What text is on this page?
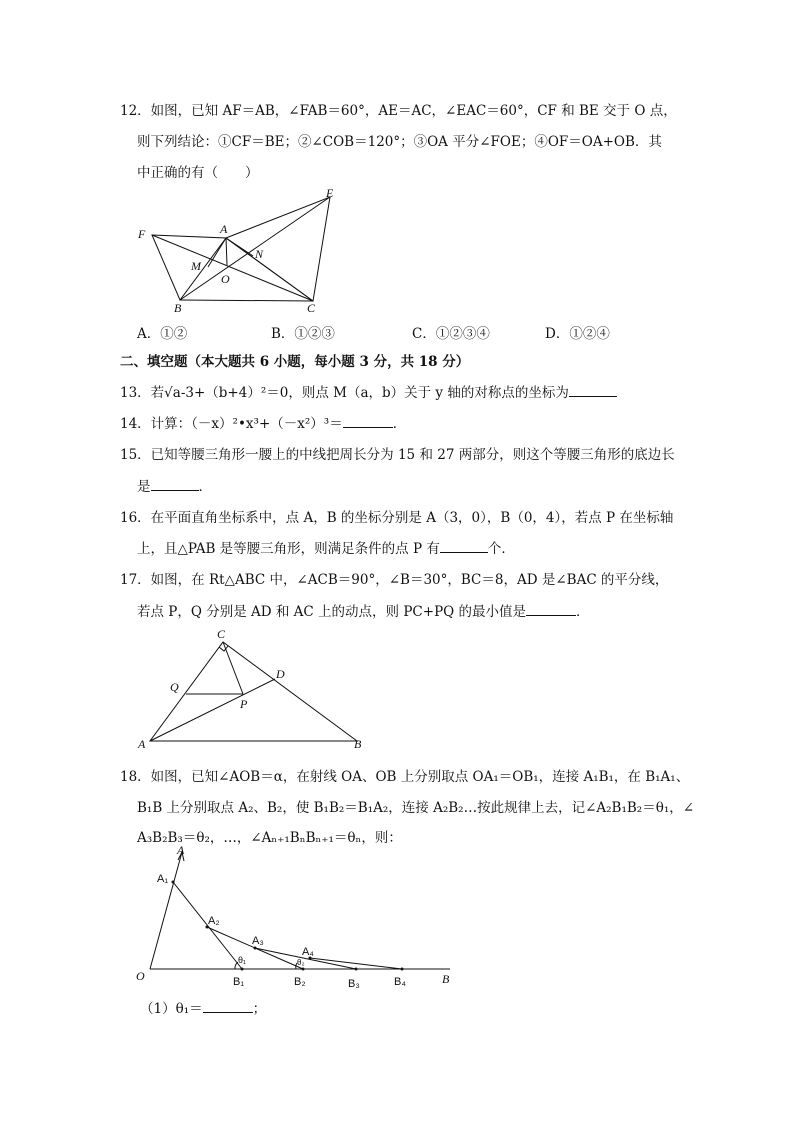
12．如图，已知 AF＝AB，∠FAB＝60°，AE＝AC，∠EAC＝60°，CF 和 BE 交于 O 点，
则下列结论：①CF＝BE；②∠COB＝120°；③OA 平分∠FOE；④OF＝OA+OB．其
中正确的有（　　）
E
F	A
M
N
O
B	C
A．①②	B．①②③	C．①②③④	D．①②④
二、填空题（本大题共 6 小题，每小题 3 分，共 18 分）
13．若√a-3+（b+4）²＝0，则点 M（a，b）关于 y 轴的对称点的坐标为
14．计算：（－x）²•x³+（－x²）³＝	．
15．已知等腰三角形一腰上的中线把周长分为 15 和 27 两部分，则这个等腰三角形的底边长
是	．
16．在平面直角坐标系中，点 A，B 的坐标分别是 A（3，0），B（0，4），若点 P 在坐标轴
上，且△PAB 是等腰三角形，则满足条件的点 P 有	个．
17．如图，在 Rt△ABC 中，∠ACB＝90°，∠B＝30°，BC＝8，AD 是∠BAC 的平分线，
若点 P，Q 分别是 AD 和 AC 上的动点，则 PC+PQ 的最小值是	．
C
Q
D
P
A	B
18．如图，已知∠AOB＝α，在射线 OA、OB 上分别取点 OA₁＝OB₁，连接 A₁B₁，在 B₁A₁、
B₁B 上分别取点 A₂、B₂，使 B₁B₂＝B₁A₂，连接 A₂B₂…按此规律上去，记∠A₂B₁B₂＝θ₁，∠
A₃B₂B₃＝θ₂，…，∠Aₙ₊₁BₙBₙ₊₁＝θₙ，则：
A
A₁
A₂
A₃
A₄
θ₁	θ₂
O	B₁	B₂	B₃	B₄	B
（1）θ₁＝	；
